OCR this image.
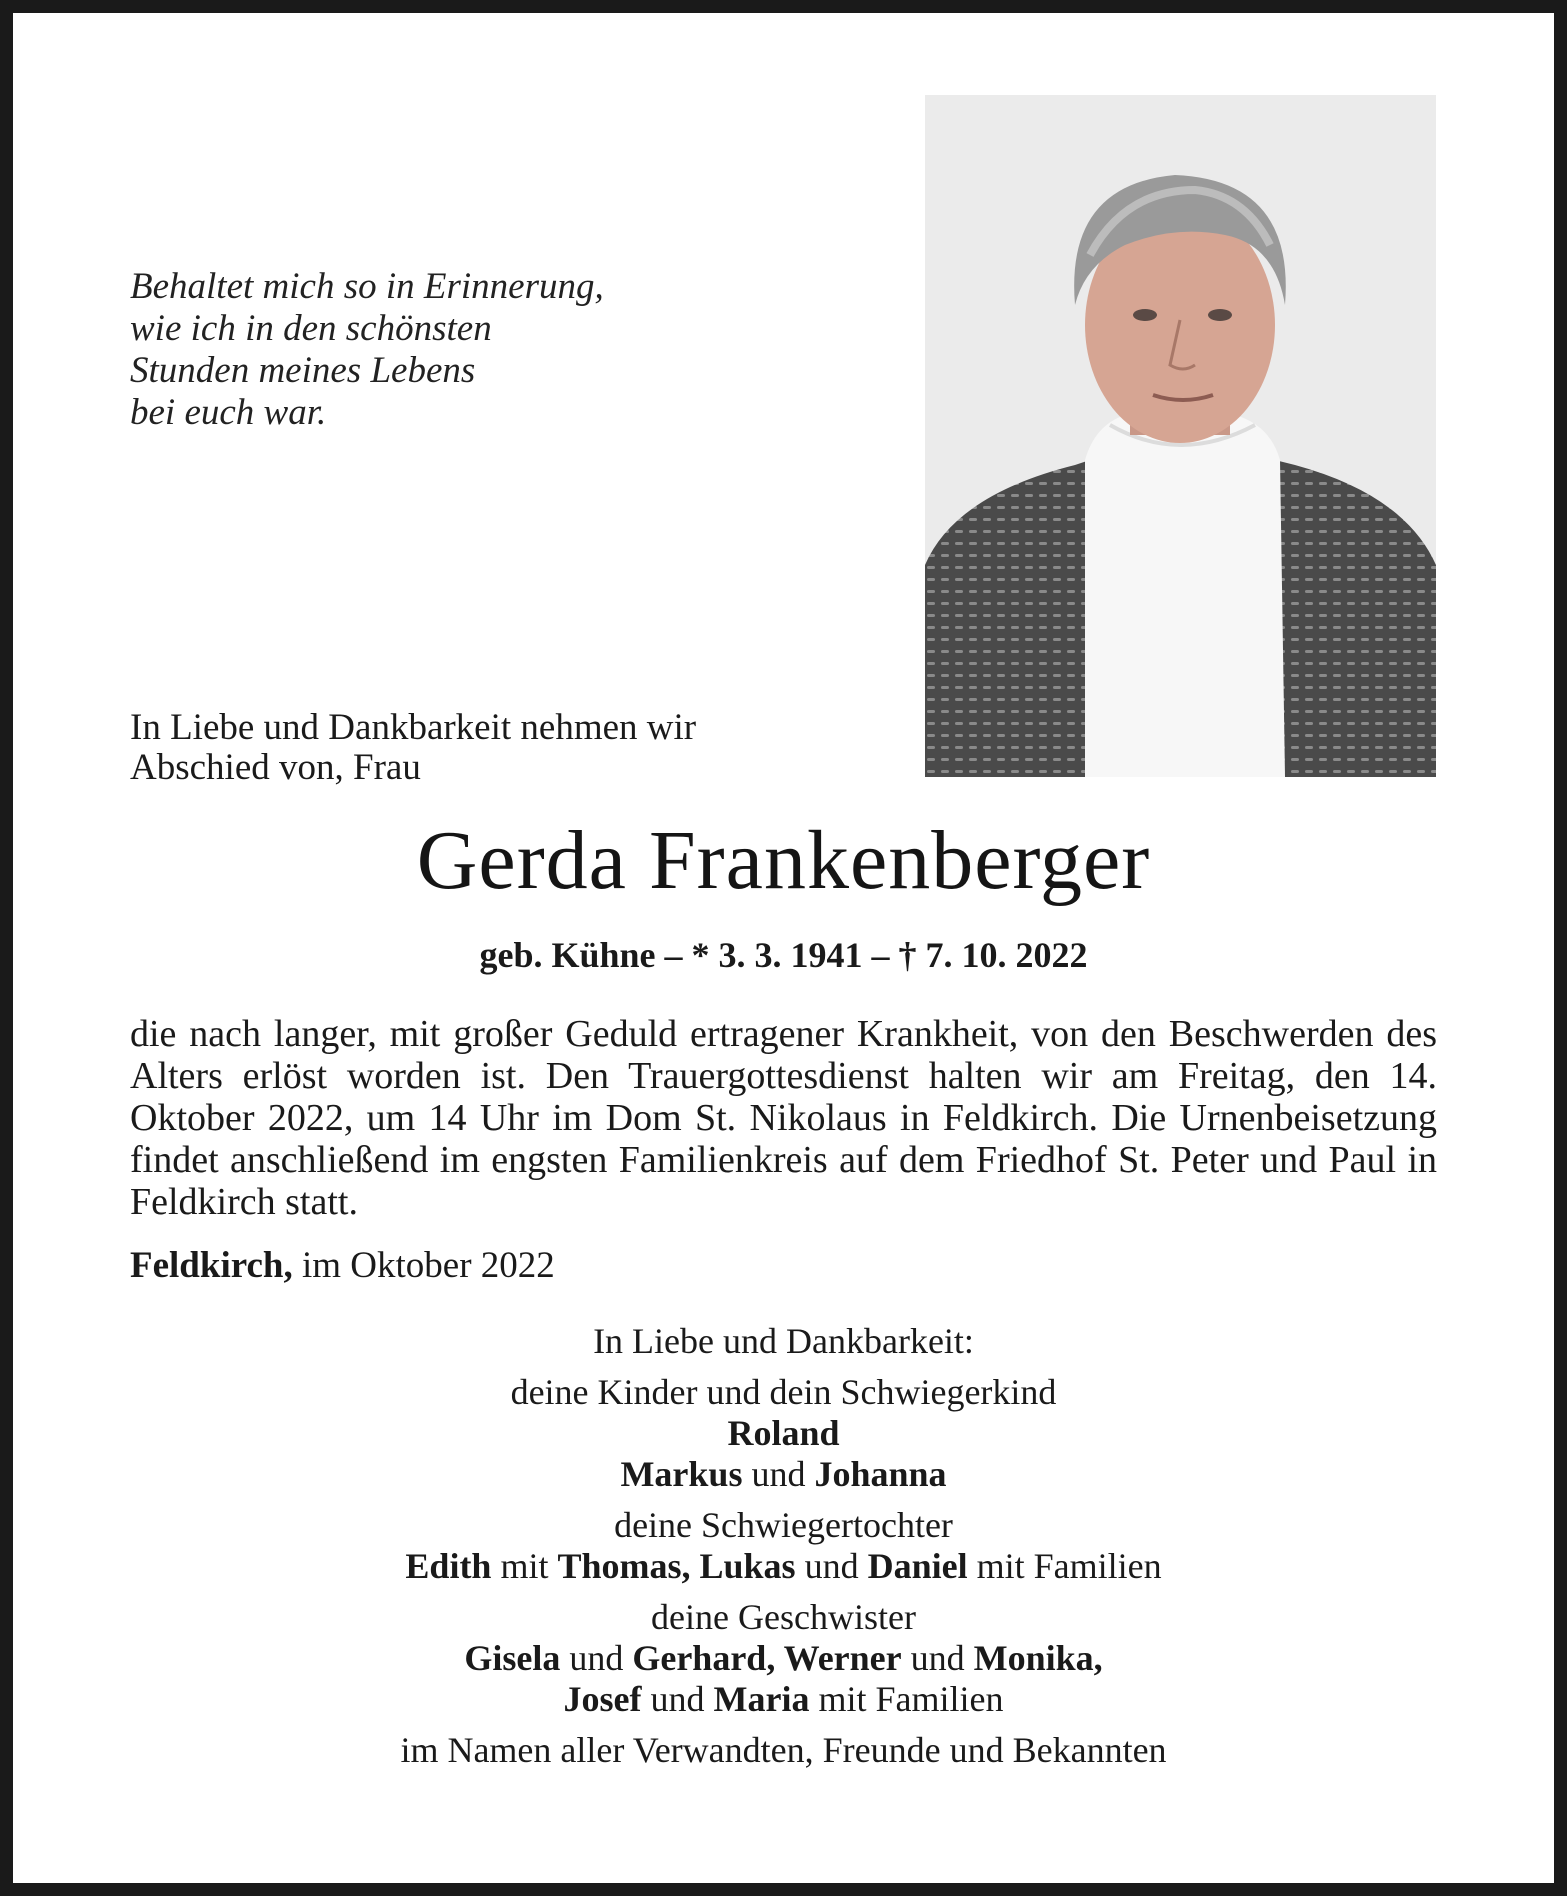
Behaltet mich so in Erinnerung,
wie ich in den schönsten
Stunden meines Lebens
bei euch war.
In Liebe und Dankbarkeit nehmen wir
Abschied von, Frau
Gerda Frankenberger
geb. Kühne – * 3. 3. 1941 – † 7. 10. 2022
die nach langer, mit großer Geduld ertragener Krankheit, von den Beschwerden des Alters erlöst worden ist. Den Trauergottesdienst halten wir am Freitag, den 14. Oktober 2022, um 14 Uhr im Dom St. Nikolaus in Feldkirch. Die Urnenbeisetzung findet anschließend im engsten Familienkreis auf dem Friedhof St. Peter und Paul in Feldkirch statt.
Feldkirch, im Oktober 2022
In Liebe und Dankbarkeit:
deine Kinder und dein Schwiegerkind
Roland
Markus und Johanna
deine Schwiegertochter
Edith mit Thomas, Lukas und Daniel mit Familien
deine Geschwister
Gisela und Gerhard, Werner und Monika,
Josef und Maria mit Familien
im Namen aller Verwandten, Freunde und Bekannten
